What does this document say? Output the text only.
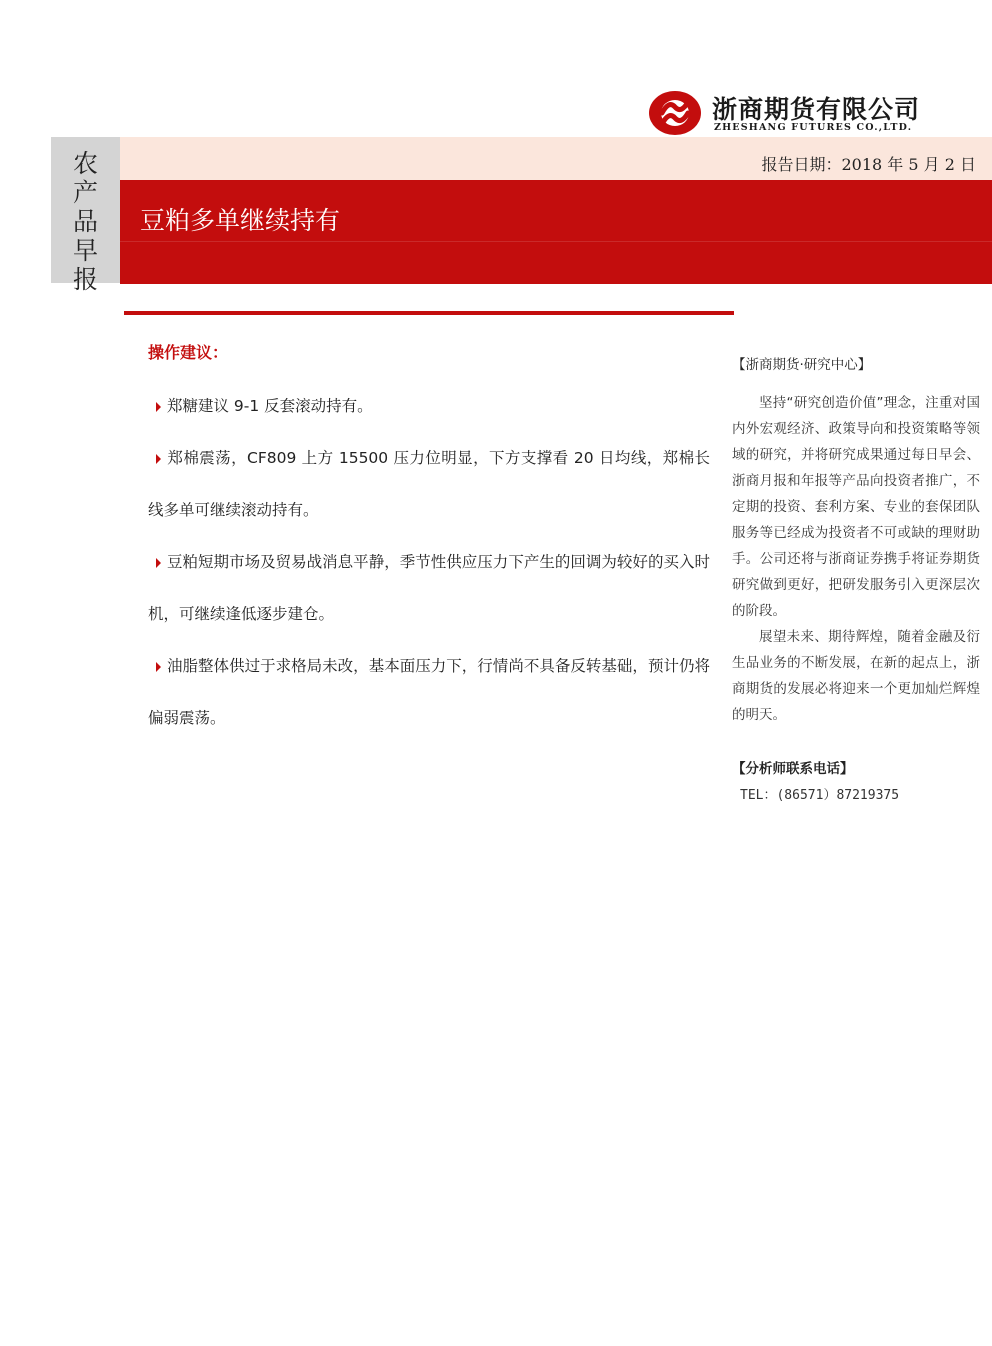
浙商期货有限公司
ZHESHANG FUTURES CO.,LTD.
农产品早报
报告日期：2018 年 5 月 2 日
豆粕多单继续持有
操作建议：
郑糖建议 9-1 反套滚动持有。
郑棉震荡，CF809 上方 15500 压力位明显，下方支撑看 20 日均线，郑棉长线多单可继续滚动持有。
豆粕短期市场及贸易战消息平静，季节性供应压力下产生的回调为较好的买入时机，可继续逢低逐步建仓。
油脂整体供过于求格局未改，基本面压力下，行情尚不具备反转基础，预计仍将偏弱震荡。
【浙商期货·研究中心】

坚持“研究创造价值”理念，注重对国内外宏观经济、政策导向和投资策略等领域的研究，并将研究成果通过每日早会、浙商月报和年报等产品向投资者推广，不定期的投资、套利方案、专业的套保团队服务等已经成为投资者不可或缺的理财助手。公司还将与浙商证券携手将证券期货研究做到更好，把研发服务引入更深层次的阶段。

展望未来、期待辉煌，随着金融及衍生品业务的不断发展，在新的起点上，浙商期货的发展必将迎来一个更加灿烂辉煌的明天。

【分析师联系电话】
TEL：(86571）87219375
